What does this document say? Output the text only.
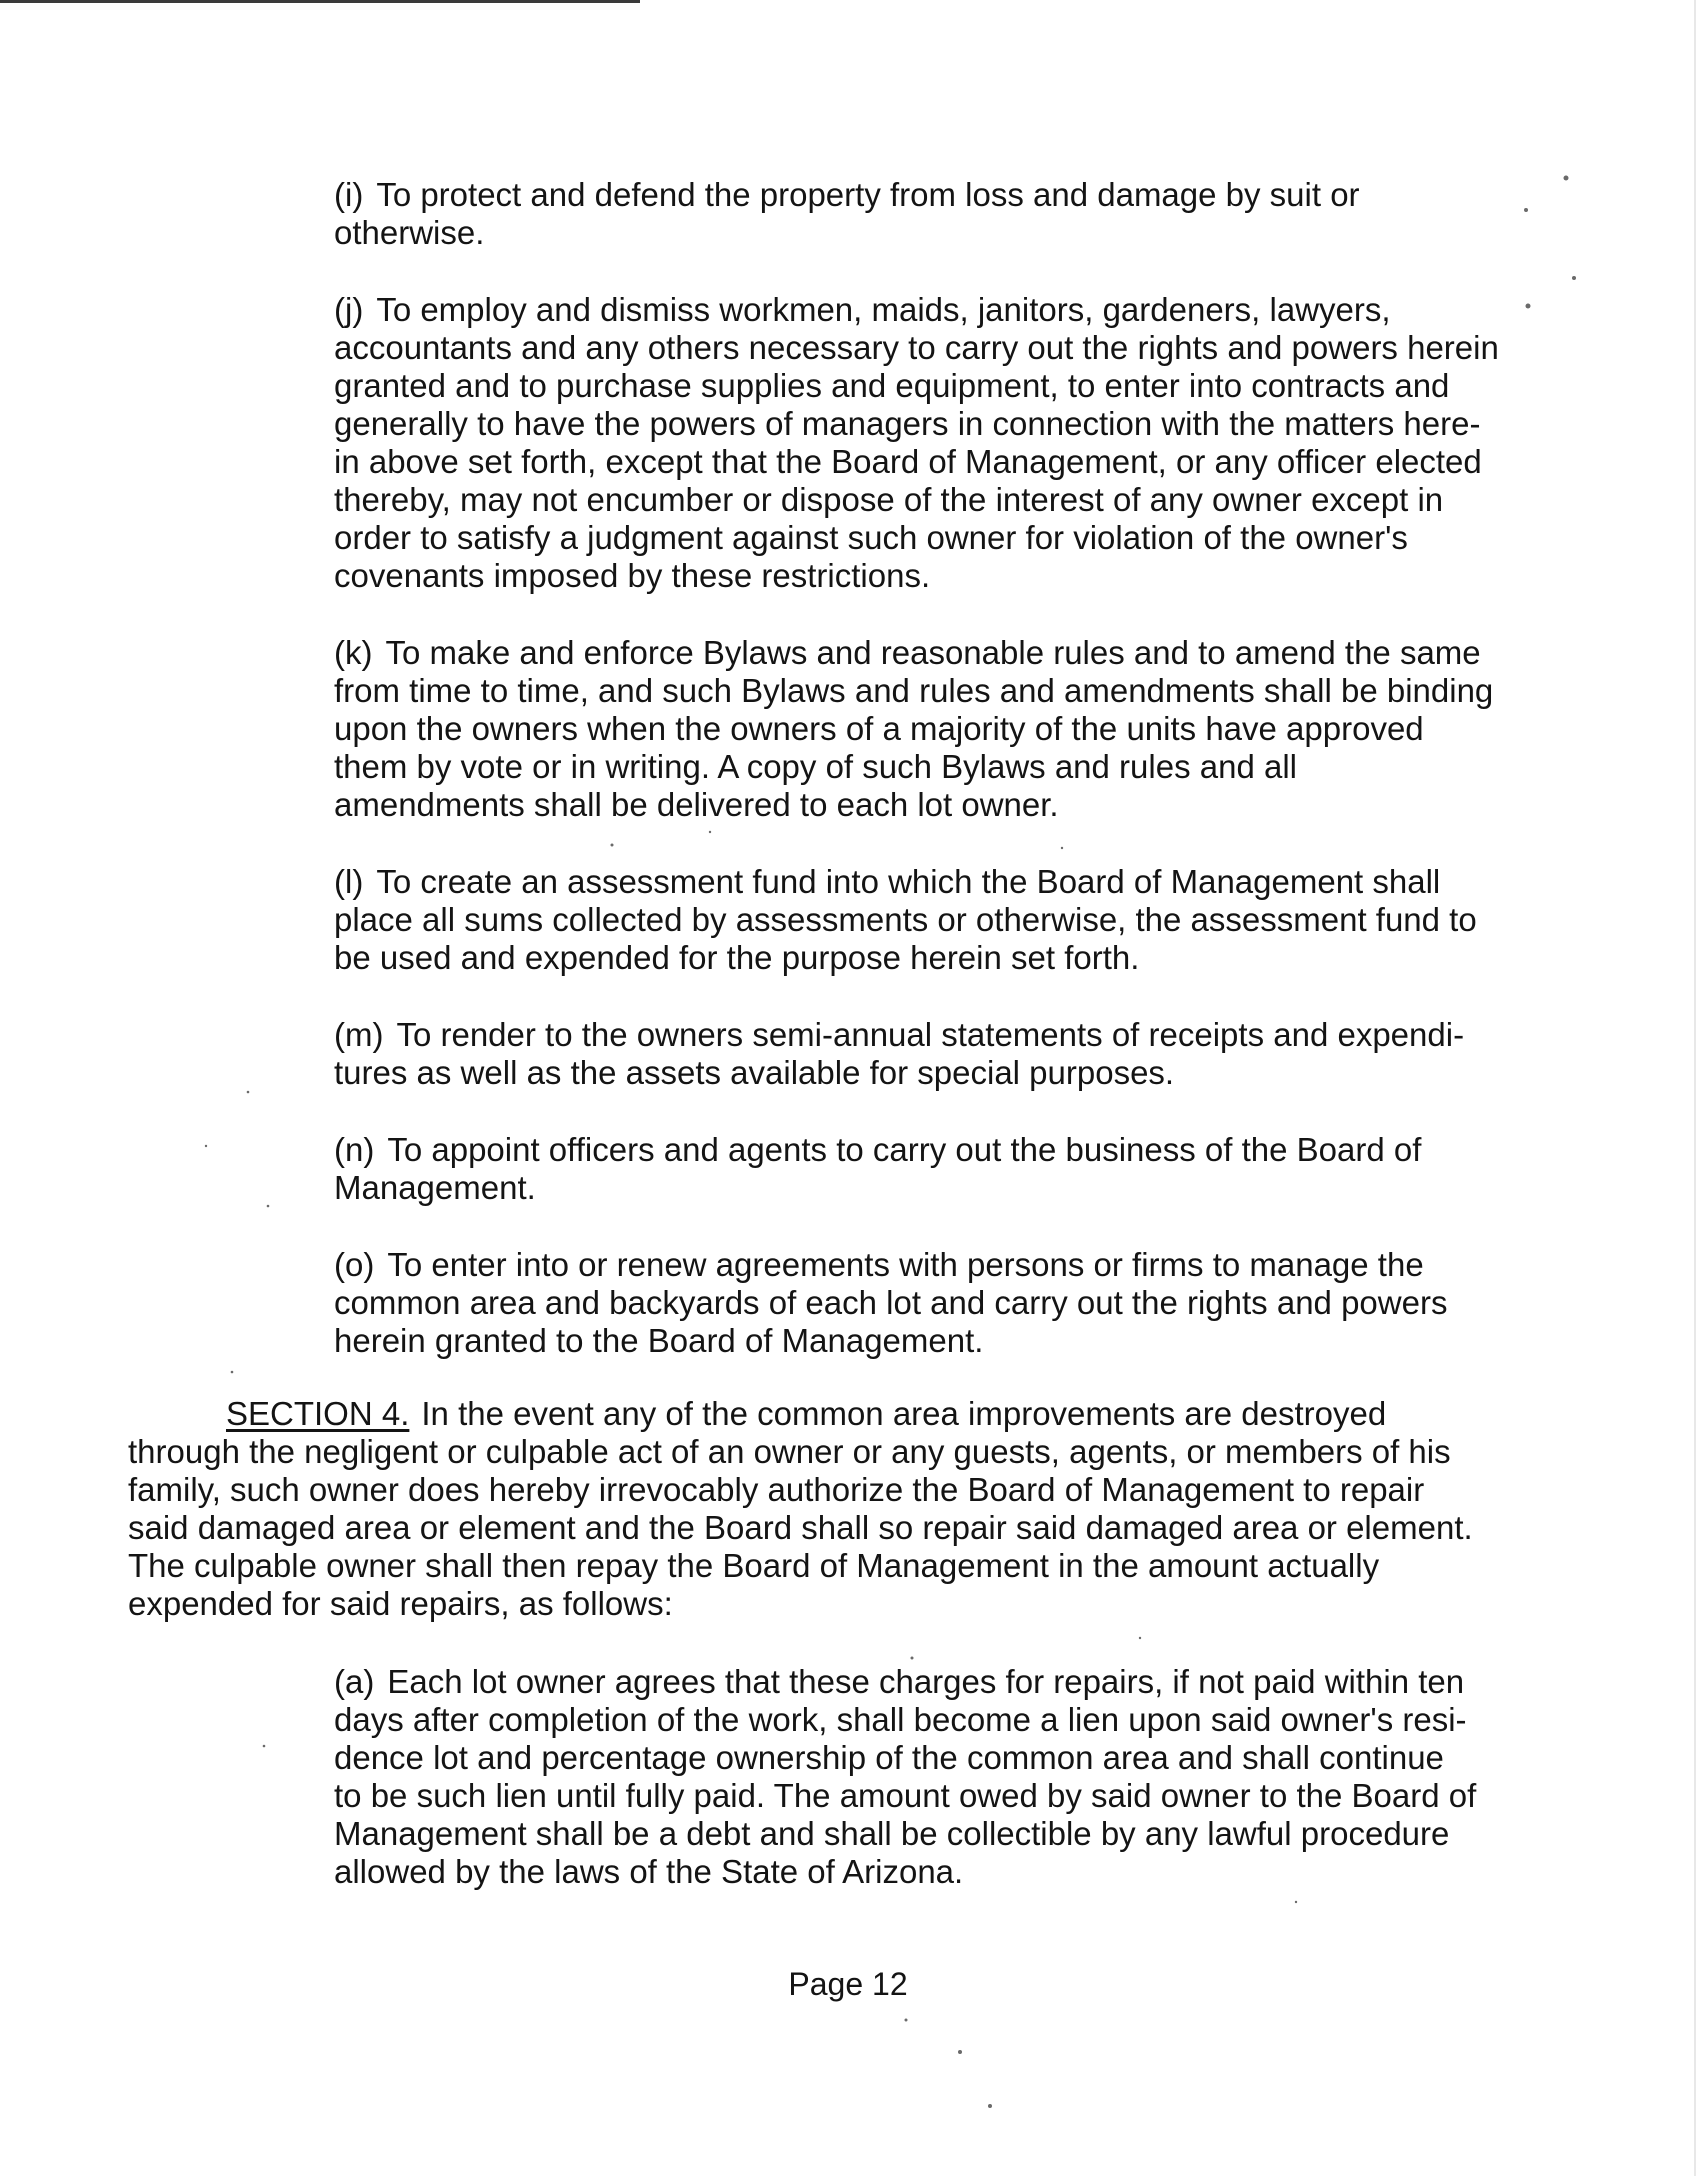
(i) To protect and defend the property from loss and damage by suit or
otherwise.
(j) To employ and dismiss workmen, maids, janitors, gardeners, lawyers,
accountants and any others necessary to carry out the rights and powers herein
granted and to purchase supplies and equipment, to enter into contracts and
generally to have the powers of managers in connection with the matters here-
in above set forth, except that the Board of Management, or any officer elected
thereby, may not encumber or dispose of the interest of any owner except in
order to satisfy a judgment against such owner for violation of the owner's
covenants imposed by these restrictions.
(k) To make and enforce Bylaws and reasonable rules and to amend the same
from time to time, and such Bylaws and rules and amendments shall be binding
upon the owners when the owners of a majority of the units have approved
them by vote or in writing. A copy of such Bylaws and rules and all
amendments shall be delivered to each lot owner.
(l) To create an assessment fund into which the Board of Management shall
place all sums collected by assessments or otherwise, the assessment fund to
be used and expended for the purpose herein set forth.
(m) To render to the owners semi-annual statements of receipts and expendi-
tures as well as the assets available for special purposes.
(n) To appoint officers and agents to carry out the business of the Board of
Management.
(o) To enter into or renew agreements with persons or firms to manage the
common area and backyards of each lot and carry out the rights and powers
herein granted to the Board of Management.
SECTION 4. In the event any of the common area improvements are destroyed
through the negligent or culpable act of an owner or any guests, agents, or members of his
family, such owner does hereby irrevocably authorize the Board of Management to repair
said damaged area or element and the Board shall so repair said damaged area or element.
The culpable owner shall then repay the Board of Management in the amount actually
expended for said repairs, as follows:
(a) Each lot owner agrees that these charges for repairs, if not paid within ten
days after completion of the work, shall become a lien upon said owner's resi-
dence lot and percentage ownership of the common area and shall continue
to be such lien until fully paid. The amount owed by said owner to the Board of
Management shall be a debt and shall be collectible by any lawful procedure
allowed by the laws of the State of Arizona.
Page 12
